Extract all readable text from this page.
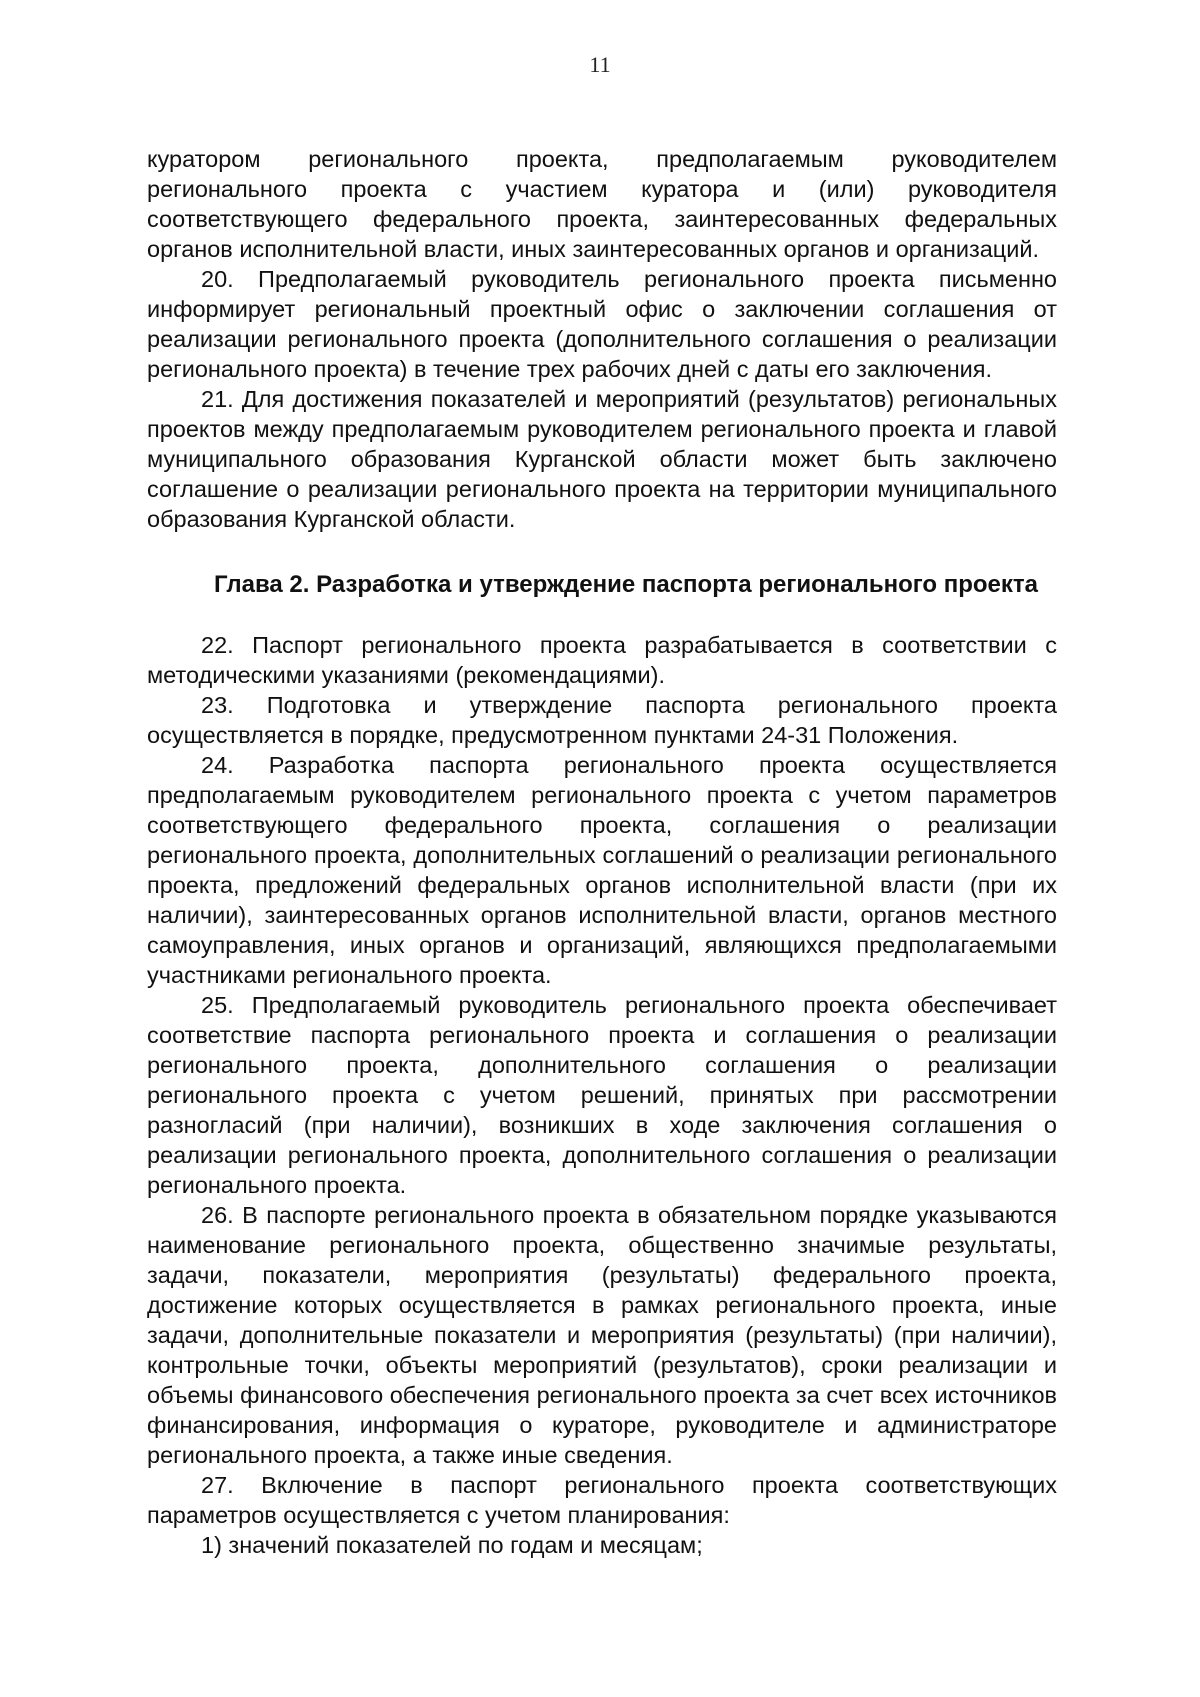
11

куратором регионального проекта, предполагаемым руководителем регионального проекта с участием куратора и (или) руководителя соответствующего федерального проекта, заинтересованных федеральных органов исполнительной власти, иных заинтересованных органов и организаций.

20. Предполагаемый руководитель регионального проекта письменно информирует региональный проектный офис о заключении соглашения от реализации регионального проекта (дополнительного соглашения о реализации регионального проекта) в течение трех рабочих дней с даты его заключения.

21. Для достижения показателей и мероприятий (результатов) региональных проектов между предполагаемым руководителем регионального проекта и главой муниципального образования Курганской области может быть заключено соглашение о реализации регионального проекта на территории муниципального образования Курганской области.

Глава 2. Разработка и утверждение паспорта регионального проекта

22. Паспорт регионального проекта разрабатывается в соответствии с методическими указаниями (рекомендациями).

23. Подготовка и утверждение паспорта регионального проекта осуществляется в порядке, предусмотренном пунктами 24-31 Положения.

24. Разработка паспорта регионального проекта осуществляется предполагаемым руководителем регионального проекта с учетом параметров соответствующего федерального проекта, соглашения о реализации регионального проекта, дополнительных соглашений о реализации регионального проекта, предложений федеральных органов исполнительной власти (при их наличии), заинтересованных органов исполнительной власти, органов местного самоуправления, иных органов и организаций, являющихся предполагаемыми участниками регионального проекта.

25. Предполагаемый руководитель регионального проекта обеспечивает соответствие паспорта регионального проекта и соглашения о реализации регионального проекта, дополнительного соглашения о реализации регионального проекта с учетом решений, принятых при рассмотрении разногласий (при наличии), возникших в ходе заключения соглашения о реализации регионального проекта, дополнительного соглашения о реализации регионального проекта.

26. В паспорте регионального проекта в обязательном порядке указываются наименование регионального проекта, общественно значимые результаты, задачи, показатели, мероприятия (результаты) федерального проекта, достижение которых осуществляется в рамках регионального проекта, иные задачи, дополнительные показатели и мероприятия (результаты) (при наличии), контрольные точки, объекты мероприятий (результатов), сроки реализации и объемы финансового обеспечения регионального проекта за счет всех источников финансирования, информация о кураторе, руководителе и администраторе регионального проекта, а также иные сведения.

27. Включение в паспорт регионального проекта соответствующих параметров осуществляется с учетом планирования:

1) значений показателей по годам и месяцам;
